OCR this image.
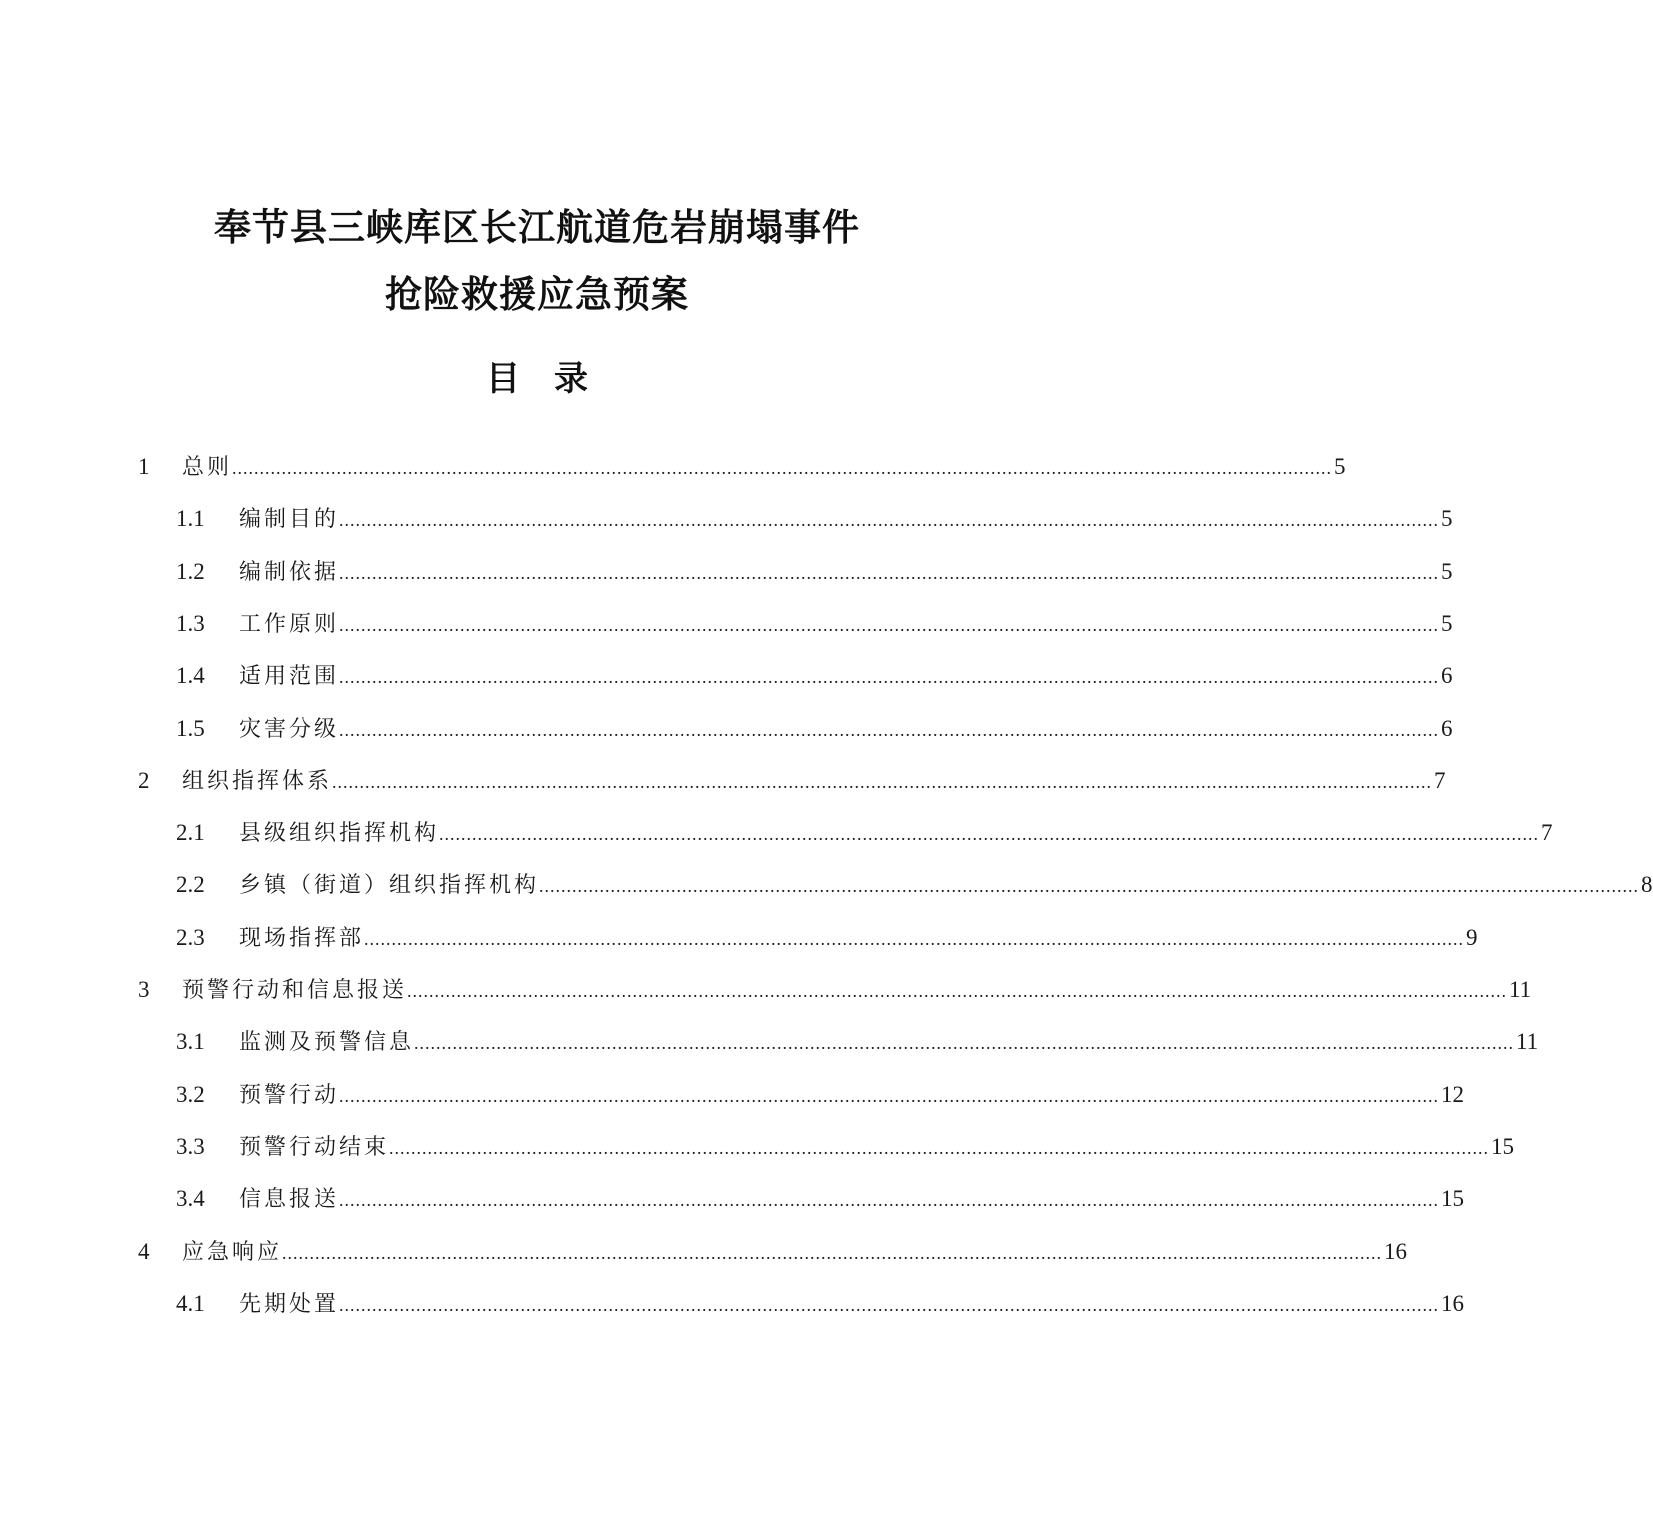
奉节县三峡库区长江航道危岩崩塌事件
抢险救援应急预案
目　录
1	总则 ........................................................................................................................................................................................................ 5
1.1	编制目的 ........................................................................................................................................................................................................ 5
1.2	编制依据 ........................................................................................................................................................................................................ 5
1.3	工作原则 ........................................................................................................................................................................................................ 5
1.4	适用范围 ........................................................................................................................................................................................................ 6
1.5	灾害分级 ........................................................................................................................................................................................................ 6
2	组织指挥体系 ........................................................................................................................................................................................................ 7
2.1	县级组织指挥机构 ........................................................................................................................................................................................................ 7
2.2	乡镇（街道）组织指挥机构 ........................................................................................................................................................................................................ 8
2.3	现场指挥部 ........................................................................................................................................................................................................ 9
3	预警行动和信息报送 ........................................................................................................................................................................................................ 11
3.1	监测及预警信息 ........................................................................................................................................................................................................ 11
3.2	预警行动 ........................................................................................................................................................................................................ 12
3.3	预警行动结束 ........................................................................................................................................................................................................ 15
3.4	信息报送 ........................................................................................................................................................................................................ 15
4	应急响应 ........................................................................................................................................................................................................ 16
4.1	先期处置 ........................................................................................................................................................................................................ 16
